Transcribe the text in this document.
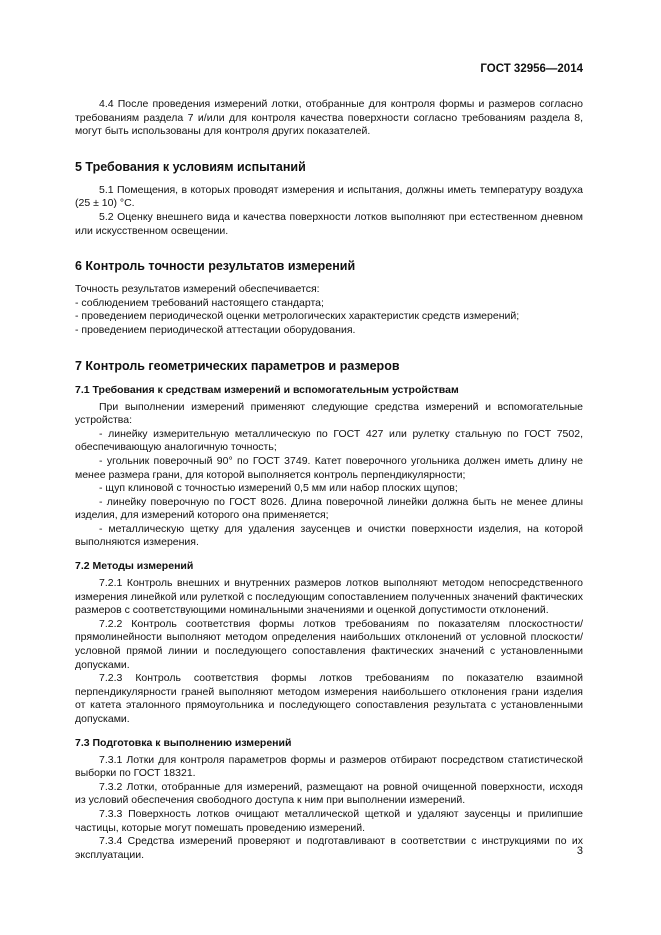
ГОСТ 32956—2014

4.4 После проведения измерений лотки, отобранные для контроля формы и размеров согласно требованиям раздела 7 и/или для контроля качества поверхности согласно требованиям раздела 8, могут быть использованы для контроля других показателей.

5 Требования к условиям испытаний

5.1 Помещения, в которых проводят измерения и испытания, должны иметь температуру воздуха (25 ± 10) °С.

5.2 Оценку внешнего вида и качества поверхности лотков выполняют при естественном дневном или искусственном освещении.

6 Контроль точности результатов измерений

Точность результатов измерений обеспечивается:

- соблюдением требований настоящего стандарта;

- проведением периодической оценки метрологических характеристик средств измерений;

- проведением периодической аттестации оборудования.

7 Контроль геометрических параметров и размеров
7.1 Требования к средствам измерений и вспомогательным устройствам

При выполнении измерений применяют следующие средства измерений и вспомогательные устройства:

- линейку измерительную металлическую по ГОСТ 427 или рулетку стальную по ГОСТ 7502, обеспечивающую аналогичную точность;

- угольник поверочный 90° по ГОСТ 3749. Катет поверочного угольника должен иметь длину не менее размера грани, для которой выполняется контроль перпендикулярности;

- щуп клиновой с точностью измерений 0,5 мм или набор плоских щупов;

- линейку поверочную по ГОСТ 8026. Длина поверочной линейки должна быть не менее длины изделия, для измерений которого она применяется;

- металлическую щетку для удаления заусенцев и очистки поверхности изделия, на которой выполняются измерения.

7.2 Методы измерений

7.2.1 Контроль внешних и внутренних размеров лотков выполняют методом непосредственного измерения линейкой или рулеткой с последующим сопоставлением полученных значений фактических размеров с соответствующими номинальными значениями и оценкой допустимости отклонений.

7.2.2 Контроль соответствия формы лотков требованиям по показателям плоскостности/прямолинейности выполняют методом определения наибольших отклонений от условной плоскости/условной прямой линии и последующего сопоставления фактических значений с установленными допусками.

7.2.3 Контроль соответствия формы лотков требованиям по показателю взаимной перпендикулярности граней выполняют методом измерения наибольшего отклонения грани изделия от катета эталонного прямоугольника и последующего сопоставления результата с установленными допусками.

7.3 Подготовка к выполнению измерений

7.3.1 Лотки для контроля параметров формы и размеров отбирают посредством статистической выборки по ГОСТ 18321.

7.3.2 Лотки, отобранные для измерений, размещают на ровной очищенной поверхности, исходя из условий обеспечения свободного доступа к ним при выполнении измерений.

7.3.3 Поверхность лотков очищают металлической щеткой и удаляют заусенцы и прилипшие частицы, которые могут помешать проведению измерений.

7.3.4 Средства измерений проверяют и подготавливают в соответствии с инструкциями по их эксплуатации.	3
